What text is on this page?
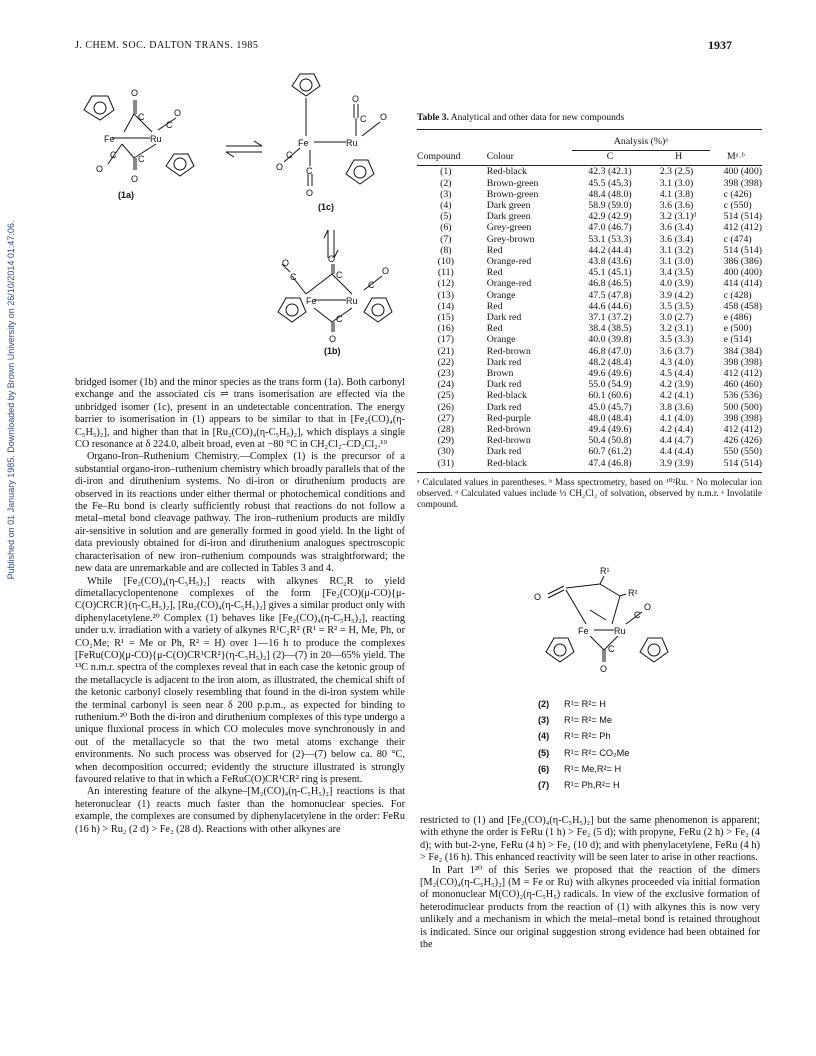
Published on 01 January 1985. Downloaded by Brown University on 26/10/2014 01:47:06.
J. CHEM. SOC. DALTON TRANS. 1985	1937
Fe	Ru
O
C	O
C
O
C C
O
(1a)
Fe	Ru
O
C O
O
C
C
O
(1c)
Fe	Ru
O
C
O
C	O
C
C
O
(1b)

bridged isomer (1b) and the minor species as the trans form (1a). Both carbonyl exchange and the associated cis ⇌ trans isomerisation are effected via the unbridged isomer (1c), present in an undetectable concentration. The energy barrier to isomerisation in (1) appears to be similar to that in [Fe₂(CO)₄(η-C₅H₅)₂], and higher than that in [Ru₂(CO)₄(η-C₅H₅)₂], which displays a single CO resonance at δ 224.0, albeit broad, even at −80 °C in CH₂Cl₂–CD₂Cl₂.¹⁹

Organo-Iron–Ruthenium Chemistry.—Complex (1) is the precursor of a substantial organo-iron–ruthenium chemistry which broadly parallels that of the di-iron and diruthenium systems. No di-iron or diruthenium products are observed in its reactions under either thermal or photochemical conditions and the Fe–Ru bond is clearly sufficiently robust that reactions do not follow a metal–metal bond cleavage pathway. The iron–ruthenium products are mildly air-sensitive in solution and are generally formed in good yield. In the light of data previously obtained for di-iron and diruthenium analogues spectroscopic characterisation of new iron–ruthenium compounds was straightforward; the new data are unremarkable and are collected in Tables 3 and 4.

While [Fe₂(CO)₄(η-C₅H₅)₂] reacts with alkynes RC₂R to yield dimetallacyclopentenone complexes of the form [Fe₂(CO)(μ-CO){μ-C(O)CRCR}(η-C₅H₅)₂], [Ru₂(CO)₄(η-C₅H₅)₂] gives a similar product only with diphenylacetylene.²⁰ Complex (1) behaves like [Fe₂(CO)₄(η-C₅H₅)₂], reacting under u.v. irradiation with a variety of alkynes R¹C₂R² (R¹ = R² = H, Me, Ph, or CO₂Me; R¹ = Me or Ph, R² = H) over 1—16 h to produce the complexes [FeRu(CO)(μ-CO){μ-C(O)CR¹CR²}(η-C₅H₅)₂] (2)—(7) in 20—65% yield. The ¹³C n.m.r. spectra of the complexes reveal that in each case the ketonic group of the metallacycle is adjacent to the iron atom, as illustrated, the chemical shift of the ketonic carbonyl closely resembling that found in the di-iron system while the terminal carbonyl is seen near δ 200 p.p.m., as expected for binding to ruthenium.²⁰ Both the di-iron and diruthenium complexes of this type undergo a unique fluxional process in which CO molecules move synchronously in and out of the metallacycle so that the two metal atoms exchange their environments. No such process was observed for (2)—(7) below ca. 80 °C, when decomposition occurred; evidently the structure illustrated is strongly favoured relative to that in which a FeRuC(O)CR¹CR² ring is present.

An interesting feature of the alkyne–[M₂(CO)₄(η-C₅H₅)₂] reactions is that heteronuclear (1) reacts much faster than the homonuclear species. For example, the complexes are consumed by diphenylacetylene in the order: FeRu (16 h) > Ru₂ (2 d) > Fe₂ (28 d). Reactions with other alkynes are

Table 3. Analytical and other data for new compounds

		Analysis (%)ᵃ		

Compound	Colour	C	H	Mᵃ˒ᵇ

(1)	Red-black	42.3 (42.1)	2.3 (2.5)	400 (400)
(2)	Brown-green	45.5 (45.3)	3.1 (3.0)	398 (398)
(3)	Brown-green	48.4 (48.0)	4.1 (3.8)	c (426)
(4)	Dark green	58.9 (59.0)	3.6 (3.6)	c (550)
(5)	Dark green	42.9 (42.9)	3.2 (3.1)ᵈ	514 (514)
(6)	Grey-green	47.0 (46.7)	3.6 (3.4)	412 (412)
(7)	Grey-brown	53.1 (53.3)	3.6 (3.4)	c (474)
(8)	Red	44.2 (44.4)	3.1 (3.2)	514 (514)
(10)	Orange-red	43.8 (43.6)	3.1 (3.0)	386 (386)
(11)	Red	45.1 (45.1)	3.4 (3.5)	400 (400)
(12)	Orange-red	46.8 (46.5)	4.0 (3.9)	414 (414)
(13)	Orange	47.5 (47.8)	3.9 (4.2)	c (428)
(14)	Red	44.6 (44.6)	3.5 (3.5)	458 (458)
(15)	Dark red	37.1 (37.2)	3.0 (2.7)	e (486)
(16)	Red	38.4 (38.5)	3.2 (3.1)	e (500)
(17)	Orange	40.0 (39.8)	3.5 (3.3)	e (514)
(21)	Red-brown	46.8 (47.0)	3.6 (3.7)	384 (384)
(22)	Dark red	48.2 (48.4)	4.3 (4.0)	398 (398)
(23)	Brown	49.6 (49.6)	4.5 (4.4)	412 (412)
(24)	Dark red	55.0 (54.9)	4.2 (3.9)	460 (460)
(25)	Red-black	60.1 (60.6)	4.2 (4.1)	536 (536)
(26)	Dark red	45.0 (45.7)	3.8 (3.6)	500 (500)
(27)	Red-purple	48.0 (48.4)	4.1 (4.0)	398 (398)
(28)	Red-brown	49.4 (49.6)	4.2 (4.4)	412 (412)
(29)	Red-brown	50.4 (50.8)	4.4 (4.7)	426 (426)
(30)	Dark red	60.7 (61.2)	4.4 (4.4)	550 (550)
(31)	Red-black	47.4 (46.8)	3.9 (3.9)	514 (514)

ᵃ Calculated values in parentheses. ᵇ Mass spectrometry, based on ¹⁰²Ru. ᶜ No molecular ion observed. ᵈ Calculated values include ⅓ CH₂Cl₂ of solvation, observed by n.m.r. ᵉ Involatile compound.
O
R¹
R²
Fe	Ru
C
O
C
O
(2) R¹= R²= H
(3) R¹= R²= Me
(4) R¹= R²= Ph
(5) R¹= R²= CO₂Me
(6) R¹= Me,R²= H
(7) R¹= Ph,R²= H

restricted to (1) and [Fe₂(CO)₄(η-C₅H₅)₂] but the same phenomenon is apparent; with ethyne the order is FeRu (1 h) > Fe₂ (5 d); with propyne, FeRu (2 h) > Fe₂ (4 d); with but-2-yne, FeRu (4 h) > Fe₂ (10 d); and with phenylacetylene, FeRu (4 h) > Fe₂ (16 h). This enhanced reactivity will be seen later to arise in other reactions.

In Part 1²⁰ of this Series we proposed that the reaction of the dimers [M₂(CO)₄(η-C₅H₅)₂] (M = Fe or Ru) with alkynes proceeded via initial formation of mononuclear M(CO)₂(η-C₅H₅) radicals. In view of the exclusive formation of heterodinuclear products from the reaction of (1) with alkynes this is now very unlikely and a mechanism in which the metal–metal bond is retained throughout is indicated. Since our original suggestion strong evidence had been obtained for the
